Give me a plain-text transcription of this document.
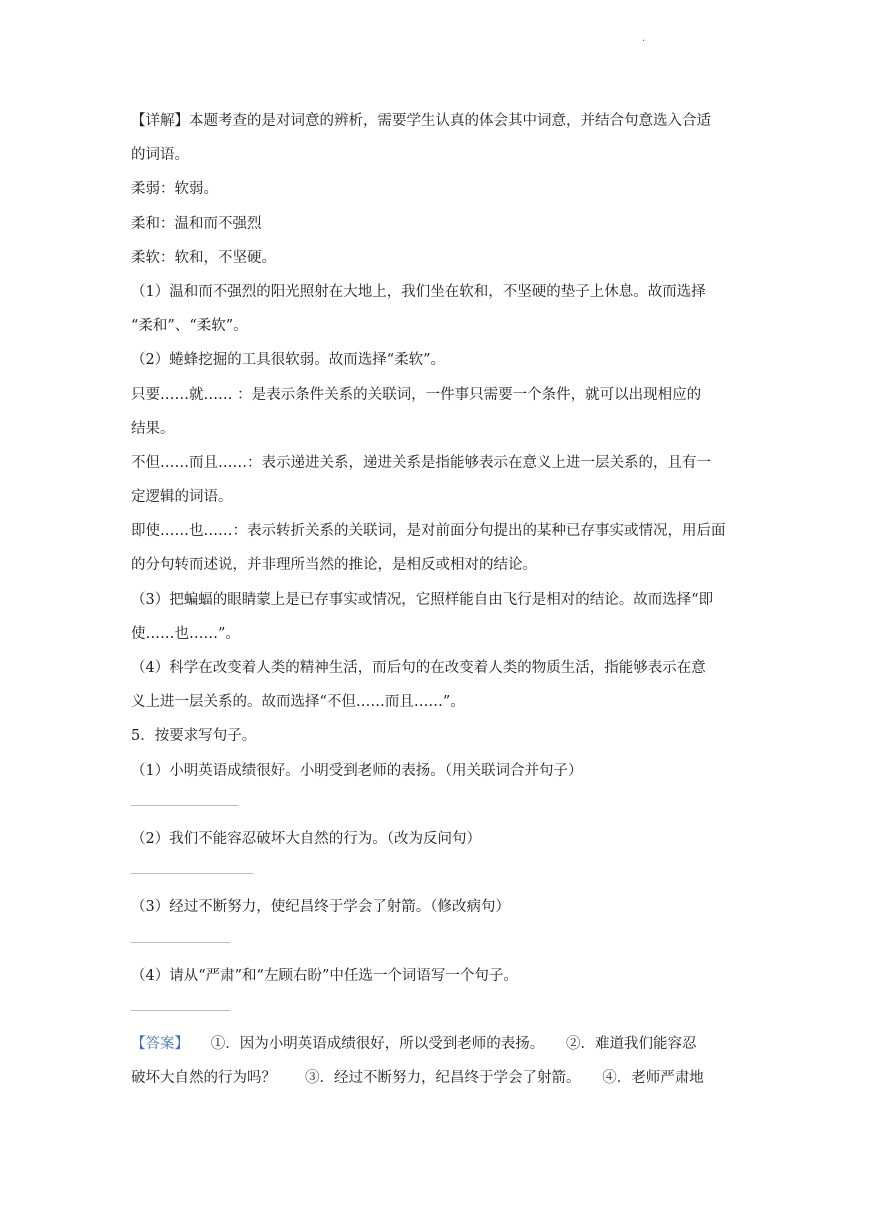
·
【详解】本题考查的是对词意的辨析，需要学生认真的体会其中词意，并结合句意选入合适
的词语。
柔弱：软弱。
柔和：温和而不强烈
柔软：软和，不坚硬。
（1）温和而不强烈的阳光照射在大地上，我们坐在软和，不坚硬的垫子上休息。故而选择
“柔和”、“柔软”。
（2）蜷蜂挖掘的工具很软弱。故而选择“柔软”。
只要……就…… ：是表示条件关系的关联词，一件事只需要一个条件，就可以出现相应的
结果。
不但……而且……：表示递进关系，递进关系是指能够表示在意义上进一层关系的，且有一
定逻辑的词语。
即使……也……：表示转折关系的关联词，是对前面分句提出的某种已存事实或情况，用后面
的分句转而述说，并非理所当然的推论，是相反或相对的结论。
（3）把蝙蝠的眼睛蒙上是已存事实或情况，它照样能自由飞行是相对的结论。故而选择“即
使……也……”。
（4）科学在改变着人类的精神生活，而后句的在改变着人类的物质生活，指能够表示在意
义上进一层关系的。故而选择“不但……而且……”。
5．按要求写句子。
（1）小明英语成绩很好。小明受到老师的表扬。（用关联词合并句子）
（2）我们不能容忍破坏大自然的行为。（改为反问句）
（3）经过不断努力，使纪昌终于学会了射箭。（修改病句）
（4）请从“严肃”和“左顾右盼”中任选一个词语写一个句子。
【答案】　　①．因为小明英语成绩很好，所以受到老师的表扬。　　②．难道我们能容忍
破坏大自然的行为吗？　　③．经过不断努力，纪昌终于学会了射箭。　　④．老师严肃地
